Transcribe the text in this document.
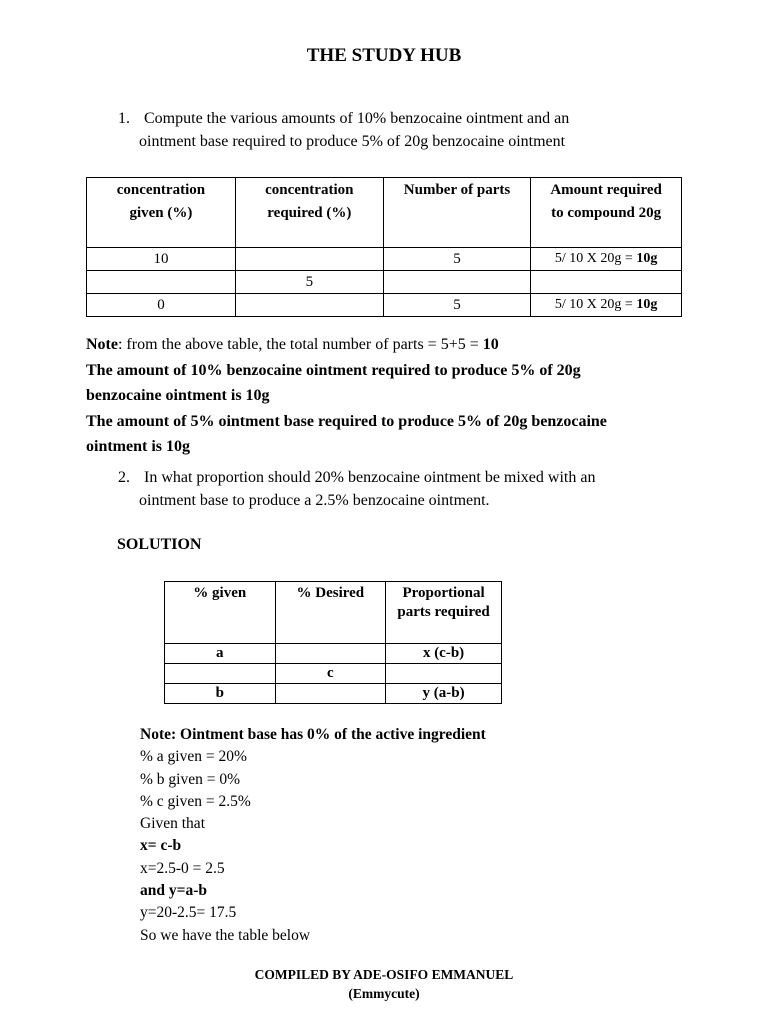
THE STUDY HUB
1. Compute the various amounts of 10% benzocaine ointment and an
ointment base required to produce 5% of 20g benzocaine ointment
concentration given (%)	concentration required (%)	Number of parts	Amount required to compound 20g
10		5	5/ 10 X 20g = 10g
	5		
0		5	5/ 10 X 20g = 10g
Note: from the above table, the total number of parts = 5+5 = 10
The amount of 10% benzocaine ointment required to produce 5% of 20g
benzocaine ointment is 10g
The amount of 5% ointment base required to produce 5% of 20g benzocaine
ointment is 10g
2. In what proportion should 20% benzocaine ointment be mixed with an
ointment base to produce a 2.5% benzocaine ointment.
SOLUTION
% given	% Desired	Proportional parts required
a		x (c-b)
	c	
b		y (a-b)
Note: Ointment base has 0% of the active ingredient
% a given = 20%
% b given = 0%
% c given = 2.5%
Given that
x= c-b
x=2.5-0 = 2.5
and y=a-b
y=20-2.5= 17.5
So we have the table below
COMPILED BY ADE-OSIFO EMMANUEL
(Emmycute)
